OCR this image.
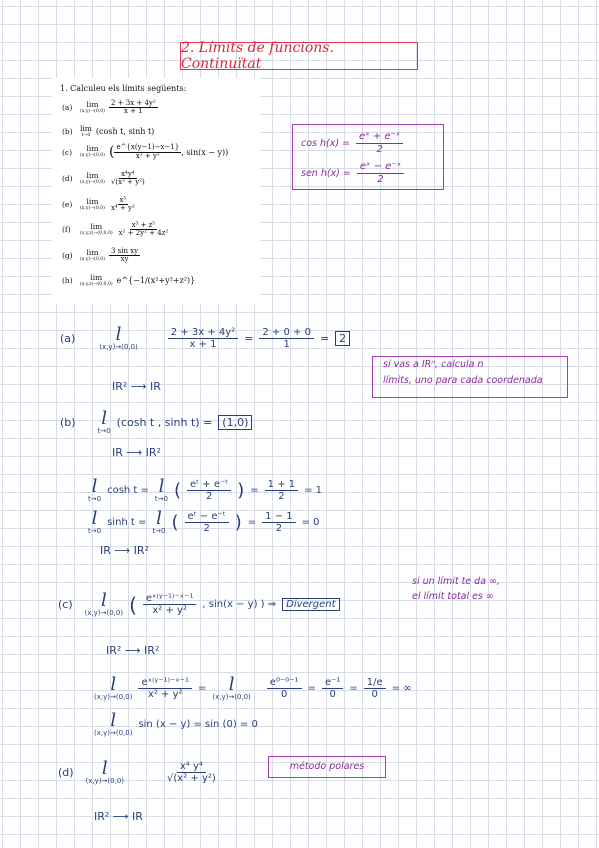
2. Límits de funcions. Continuïtat
1. Calculeu els límits següents:
(a)	lim
$(x,y)\to(0,0) \frac{\text{2 + 3x + 4y²}}{x + 1}$
(b) lim
t→0 (cosh t, sinh t)
(c)	lim
(x,y)→(0,0) ( $\frac{e\^{}\{x(y-1)-x-1\}}{\text{x² + y²}}$ , sin(x − y))
(d)	lim
$(x,y)\to(0,0) \frac{\text{x⁴y⁴}}{\text{√(x² + y²)}}$
(e)	lim
$(x,y)\to(0,0) \frac{\text{x⁵}}{\text{x⁴ + y²}}$
(f)	lim
$(x,y,z)\to(0,0,0) \frac{\text{x³ + z⁵}}{\text{x² + 2y² + 4z²}}$
(g)	lim
$(x,y)\to(0,0) \frac{\text{3 sin xy}}{xy}$
(h)	lim
(x,y,z)→(0,0,0) e^{−1/(x²+y²+z²)}
$\cos h(x) = \frac{\text{eˣ + e⁻ˣ}}{2}$
sen $h(x) = \frac{\text{eˣ − e⁻ˣ}}{2}$
(a) l
(x,y)→(0,0)	$\frac{\text{2 + 3x + 4y²}}{x + 1} = \frac{2 + 0 + 0}{1} = 2$
IR² ⟶ IR
si vas a IRⁿ, calcula n
límits, uno para cada coordenada
(b) l
t→0
(cosh t , sinh t) = (1,0)
IR ⟶ IR²
l
t→0
cosh t = l
t→0 ( eᵗ + e⁻ᵗ
2 ) = $\frac{1 + 1}{2} = 1$
l
t→0
sinh t = l
t→0 ( eᵗ − e⁻ᵗ
2 ) = $\frac{1 - 1}{2} = 0$
IR ⟶ IR²
si un límit te da ∞,
el límit total es ∞
(c) l
(x,y)→(0,0) ( eˣ⁽ʸ⁻¹⁾⁻ˣ⁻¹
x² + y²
, sin(x − y) ) ⇒	Divergent
IR² ⟶ IR²
l
$(x,y)\to(0,0) \frac{\text{eˣ⁽ʸ⁻¹⁾⁻ˣ⁻¹}}{\text{x² + y²}} = l$
$(x,y)\to(0,0) \frac{\text{e⁰⁻⁰⁻¹}}{0} = \frac{\text{e⁻¹}}{0} = \frac{1/e}{0}$ = ∞
l
(x,y)→(0,0)
sin (x − y) = sin (0) = 0
(d) l
(x,y)→(0,0)
x⁴ y⁴
√(x² + y²)
método polares
IR² ⟶ IR
